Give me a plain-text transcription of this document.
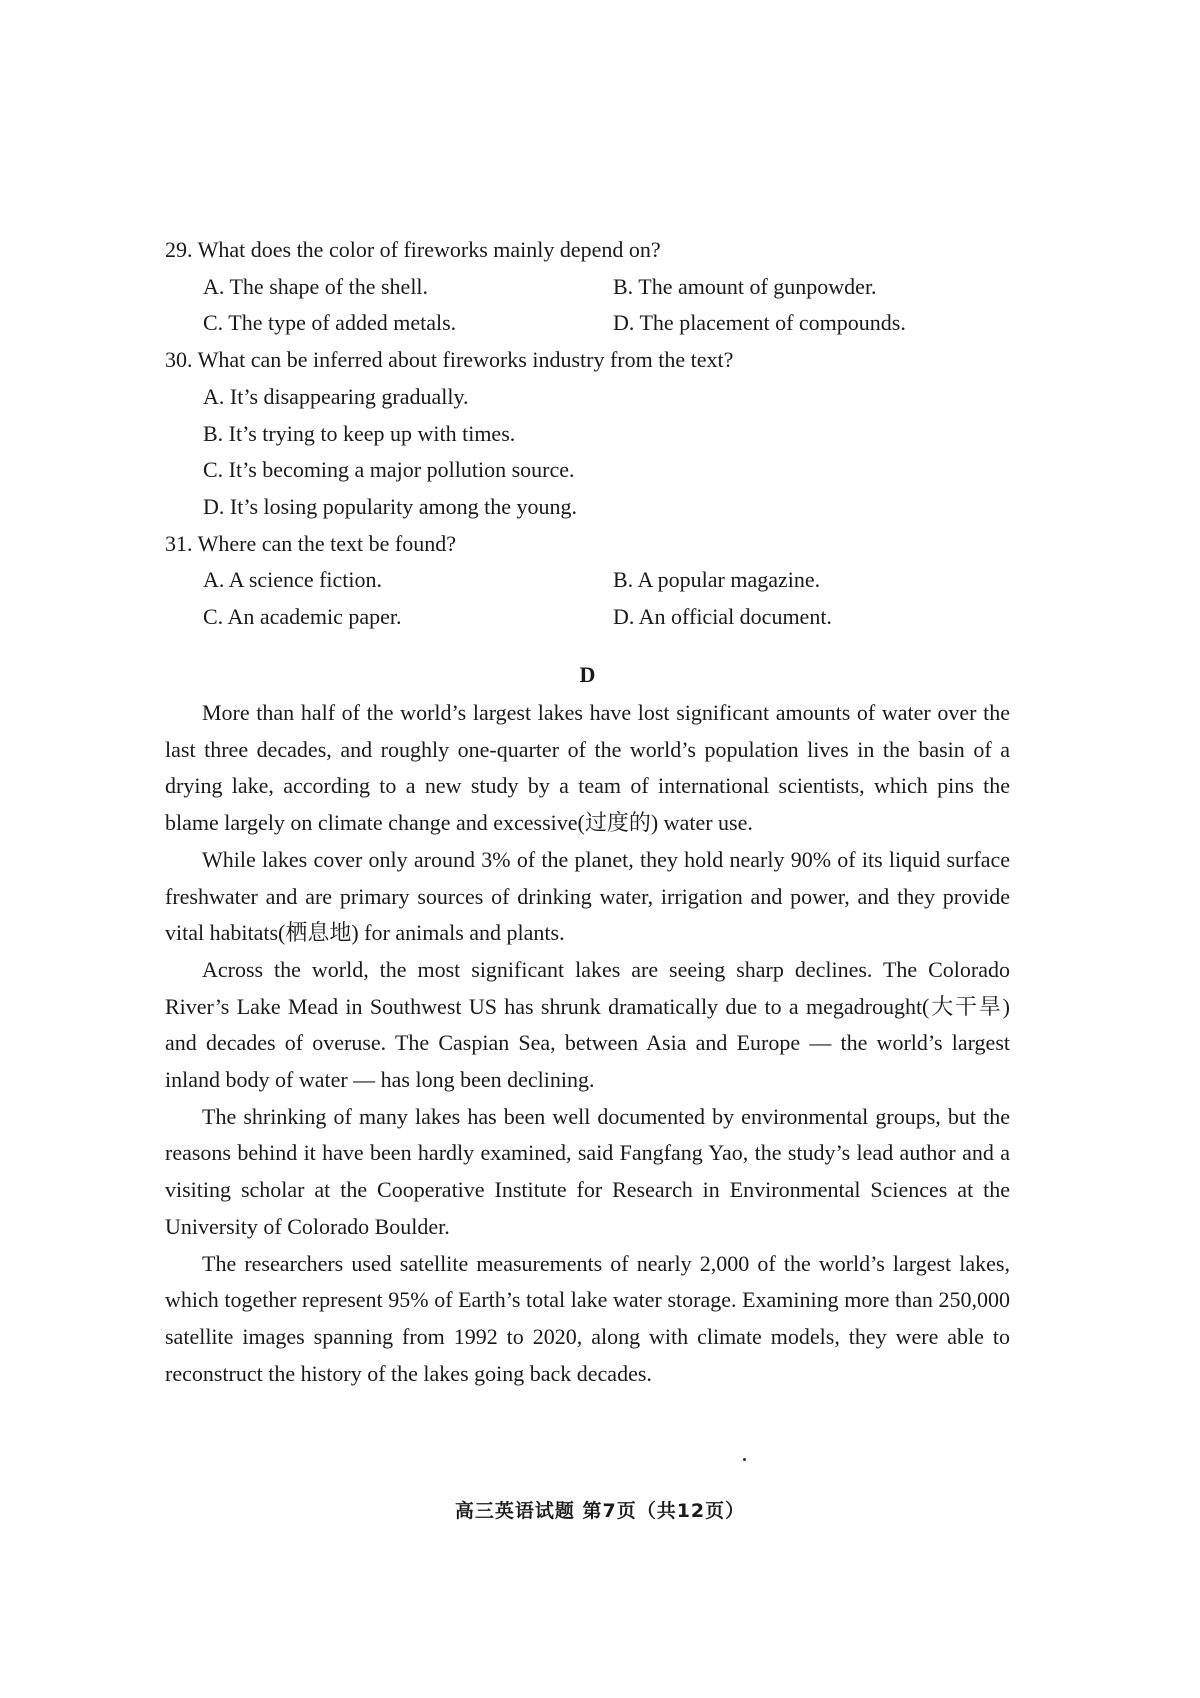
29. What does the color of fireworks mainly depend on?

A. The shape of the shell.	B. The amount of gunpowder.
C. The type of added metals.	D. The placement of compounds.

30. What can be inferred about fireworks industry from the text?

A. It’s disappearing gradually.
B. It’s trying to keep up with times.
C. It’s becoming a major pollution source.
D. It’s losing popularity among the young.

31. Where can the text be found?

A. A science fiction.	B. A popular magazine.
C. An academic paper.	D. An official document.
D

More than half of the world’s largest lakes have lost significant amounts of water over the last three decades, and roughly one-quarter of the world’s population lives in the basin of a drying lake, according to a new study by a team of international scientists, which pins the blame largely on climate change and excessive(过度的) water use.

While lakes cover only around 3% of the planet, they hold nearly 90% of its liquid surface freshwater and are primary sources of drinking water, irrigation and power, and they provide vital habitats(栖息地) for animals and plants.

Across the world, the most significant lakes are seeing sharp declines. The Colorado River’s Lake Mead in Southwest US has shrunk dramatically due to a megadrought(大干旱) and decades of overuse. The Caspian Sea, between Asia and Europe — the world’s largest inland body of water — has long been declining.

The shrinking of many lakes has been well documented by environmental groups, but the reasons behind it have been hardly examined, said Fangfang Yao, the study’s lead author and a visiting scholar at the Cooperative Institute for Research in Environmental Sciences at the University of Colorado Boulder.

The researchers used satellite measurements of nearly 2,000 of the world’s largest lakes, which together represent 95% of Earth’s total lake water storage. Examining more than 250,000 satellite images spanning from 1992 to 2020, along with climate models, they were able to reconstruct the history of the lakes going back decades.

高三英语试题 第7页（共12页）
